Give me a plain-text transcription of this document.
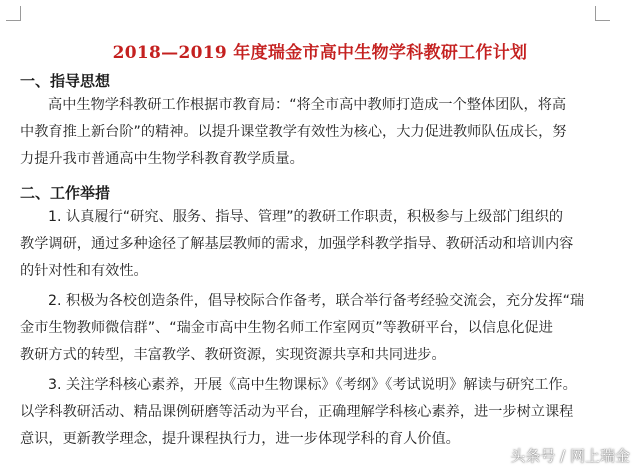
2018—2019 年度瑞金市高中生物学科教研工作计划
一、指导思想
高中生物学科教研工作根据市教育局：“将全市高中教师打造成一个整体团队，将高
中教育推上新台阶”的精神。以提升课堂教学有效性为核心，大力促进教师队伍成长，努
力提升我市普通高中生物学科教育教学质量。
二、工作举措
1. 认真履行“研究、服务、指导、管理”的教研工作职责，积极参与上级部门组织的
教学调研，通过多种途径了解基层教师的需求，加强学科教学指导、教研活动和培训内容
的针对性和有效性。
2. 积极为各校创造条件，倡导校际合作备考，联合举行备考经验交流会，充分发挥“瑞
金市生物教师微信群”、“瑞金市高中生物名师工作室网页”等教研平台，以信息化促进
教研方式的转型，丰富教学、教研资源，实现资源共享和共同进步。
3. 关注学科核心素养，开展《高中生物课标》《考纲》《考试说明》解读与研究工作。
以学科教研活动、精品课例研磨等活动为平台，正确理解学科核心素养，进一步树立课程
意识，更新教学理念，提升课程执行力，进一步体现学科的育人价值。
头条号 / 网上瑞金
